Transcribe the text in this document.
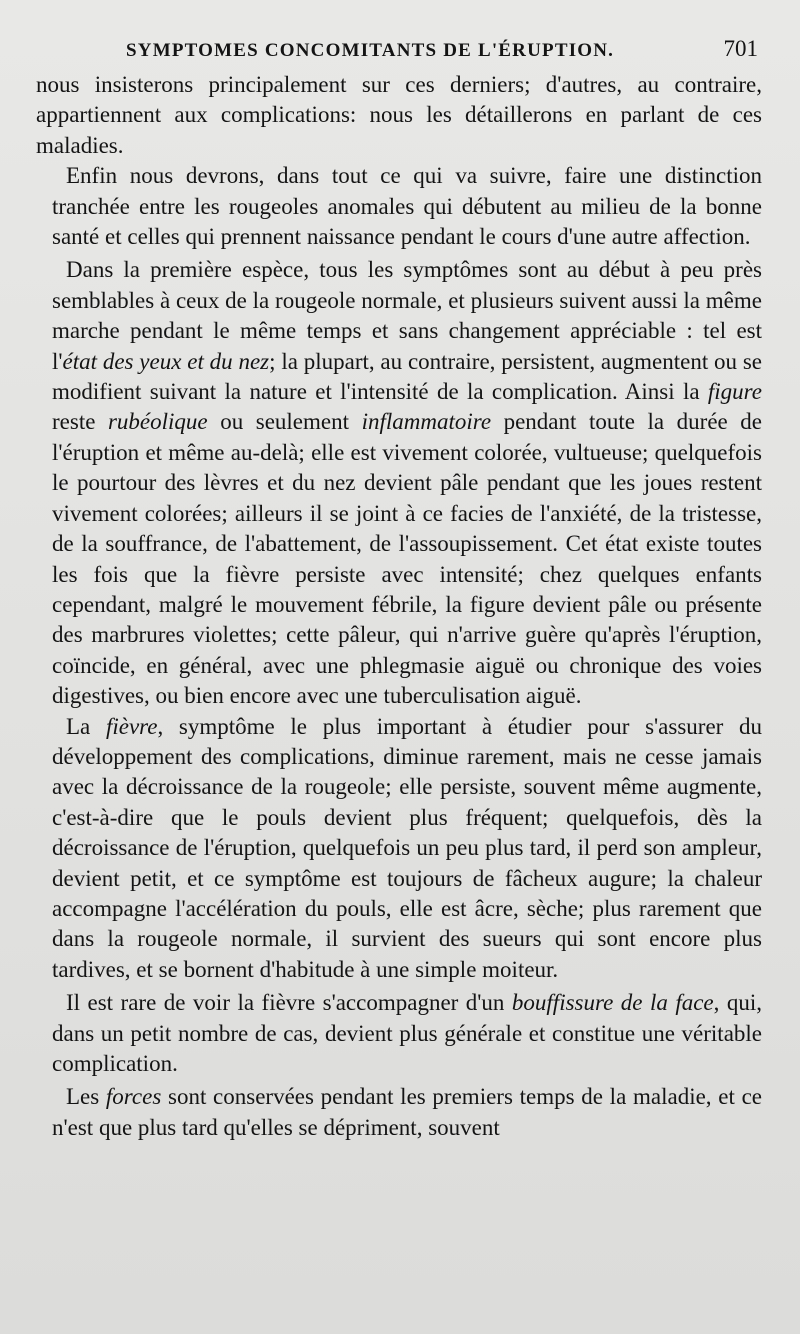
SYMPTOMES CONCOMITANTS DE L'ÉRUPTION.	701

nous insisterons principalement sur ces derniers; d'autres, au contraire, appartiennent aux complications: nous les détaillerons en parlant de ces maladies.

Enfin nous devrons, dans tout ce qui va suivre, faire une distinction tranchée entre les rougeoles anomales qui débutent au milieu de la bonne santé et celles qui prennent naissance pendant le cours d'une autre affection.

Dans la première espèce, tous les symptômes sont au début à peu près semblables à ceux de la rougeole normale, et plusieurs suivent aussi la même marche pendant le même temps et sans changement appréciable : tel est l'état des yeux et du nez; la plupart, au contraire, persistent, augmentent ou se modifient suivant la nature et l'intensité de la complication. Ainsi la figure reste rubéolique ou seulement inflammatoire pendant toute la durée de l'éruption et même au-delà; elle est vivement colorée, vultueuse; quelquefois le pourtour des lèvres et du nez devient pâle pendant que les joues restent vivement colorées; ailleurs il se joint à ce facies de l'anxiété, de la tristesse, de la souffrance, de l'abattement, de l'assoupissement. Cet état existe toutes les fois que la fièvre persiste avec intensité; chez quelques enfants cependant, malgré le mouvement fébrile, la figure devient pâle ou présente des marbrures violettes; cette pâleur, qui n'arrive guère qu'après l'éruption, coïncide, en général, avec une phlegmasie aiguë ou chronique des voies digestives, ou bien encore avec une tuberculisation aiguë.

La fièvre, symptôme le plus important à étudier pour s'assurer du développement des complications, diminue rarement, mais ne cesse jamais avec la décroissance de la rougeole; elle persiste, souvent même augmente, c'est-à-dire que le pouls devient plus fréquent; quelquefois, dès la décroissance de l'éruption, quelquefois un peu plus tard, il perd son ampleur, devient petit, et ce symptôme est toujours de fâcheux augure; la chaleur accompagne l'accélération du pouls, elle est âcre, sèche; plus rarement que dans la rougeole normale, il survient des sueurs qui sont encore plus tardives, et se bornent d'habitude à une simple moiteur.

Il est rare de voir la fièvre s'accompagner d'un bouffissure de la face, qui, dans un petit nombre de cas, devient plus générale et constitue une véritable complication.

Les forces sont conservées pendant les premiers temps de la maladie, et ce n'est que plus tard qu'elles se dépriment, souvent
